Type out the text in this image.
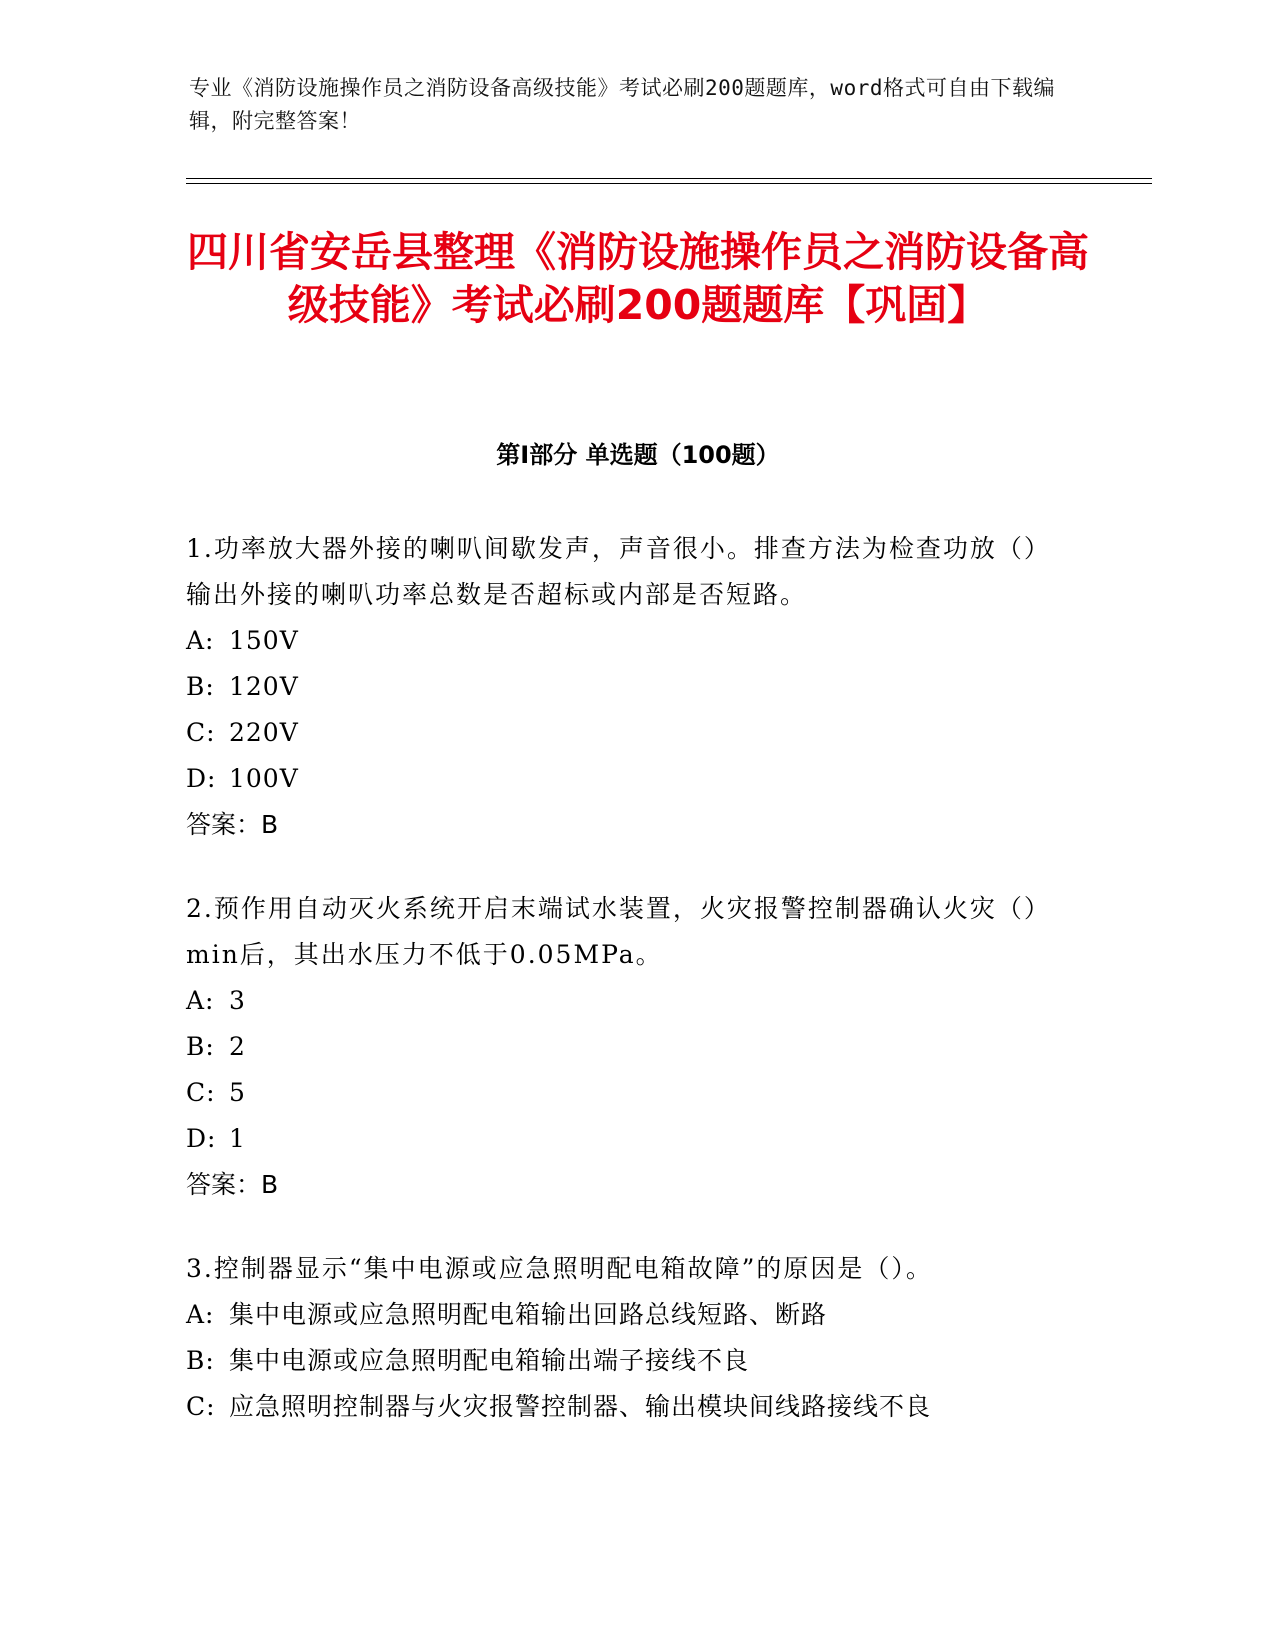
专业《消防设施操作员之消防设备高级技能》考试必刷200题题库，word格式可自由下载编辑，附完整答案！
四川省安岳县整理《消防设施操作员之消防设备高级技能》考试必刷200题题库【巩固】
第Ⅰ部分 单选题（100题）

1.功率放大器外接的喇叭间歇发声，声音很小。排查方法为检查功放（）输出外接的喇叭功率总数是否超标或内部是否短路。

A: 150V

B: 120V

C: 220V

D: 100V

答案：B

2.预作用自动灭火系统开启末端试水装置，火灾报警控制器确认火灾（）min后，其出水压力不低于0.05MPa。

A: 3

B: 2

C: 5

D: 1

答案：B

3.控制器显示“集中电源或应急照明配电箱故障”的原因是（）。

A: 集中电源或应急照明配电箱输出回路总线短路、断路

B: 集中电源或应急照明配电箱输出端子接线不良

C: 应急照明控制器与火灾报警控制器、输出模块间线路接线不良
